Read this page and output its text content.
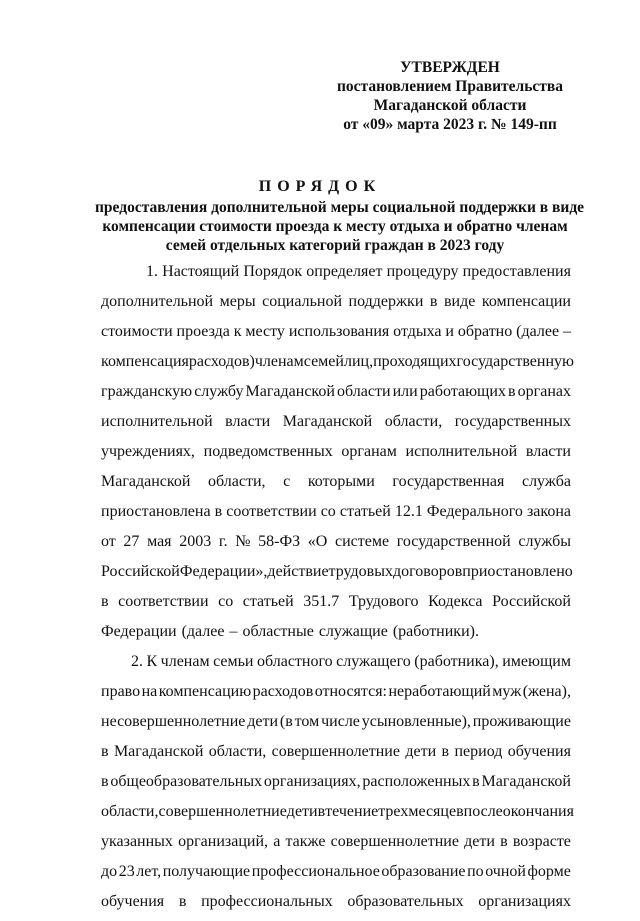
УТВЕРЖДЕН
постановлением Правительства
Магаданской области
от «09» марта 2023 г. № 149-пп
ПОРЯДОК
предоставления дополнительной меры социальной поддержки в виде
компенсации стоимости проезда к месту отдыха и обратно членам
семей отдельных категорий граждан в 2023 году
1. Настоящий Порядок определяет процедуру предоставления
дополнительной меры социальной поддержки в виде компенсации
стоимости проезда к месту использования отдыха и обратно (далее –
компенсация расходов) членам семей лиц, проходящих государственную
гражданскую службу Магаданской области или работающих в органах
исполнительной власти Магаданской области, государственных
учреждениях, подведомственных органам исполнительной власти
Магаданской области, с которыми государственная служба
приостановлена в соответствии со статьей 12.1 Федерального закона
от 27 мая 2003 г. № 58-ФЗ «О системе государственной службы
Российской Федерации», действие трудовых договоров приостановлено
в соответствии со статьей 351.7 Трудового Кодекса Российской
Федерации (далее – областные служащие (работники).
2. К членам семьи областного служащего (работника), имеющим
право на компенсацию расходов относятся: неработающий муж (жена),
несовершеннолетние дети (в том числе усыновленные), проживающие
в Магаданской области, совершеннолетние дети в период обучения
в общеобразовательных организациях, расположенных в Магаданской
области, совершеннолетние дети в течение трех месяцев после окончания
указанных организаций, а также совершеннолетние дети в возрасте
до 23 лет, получающие профессиональное образование по очной форме
обучения в профессиональных образовательных организациях
